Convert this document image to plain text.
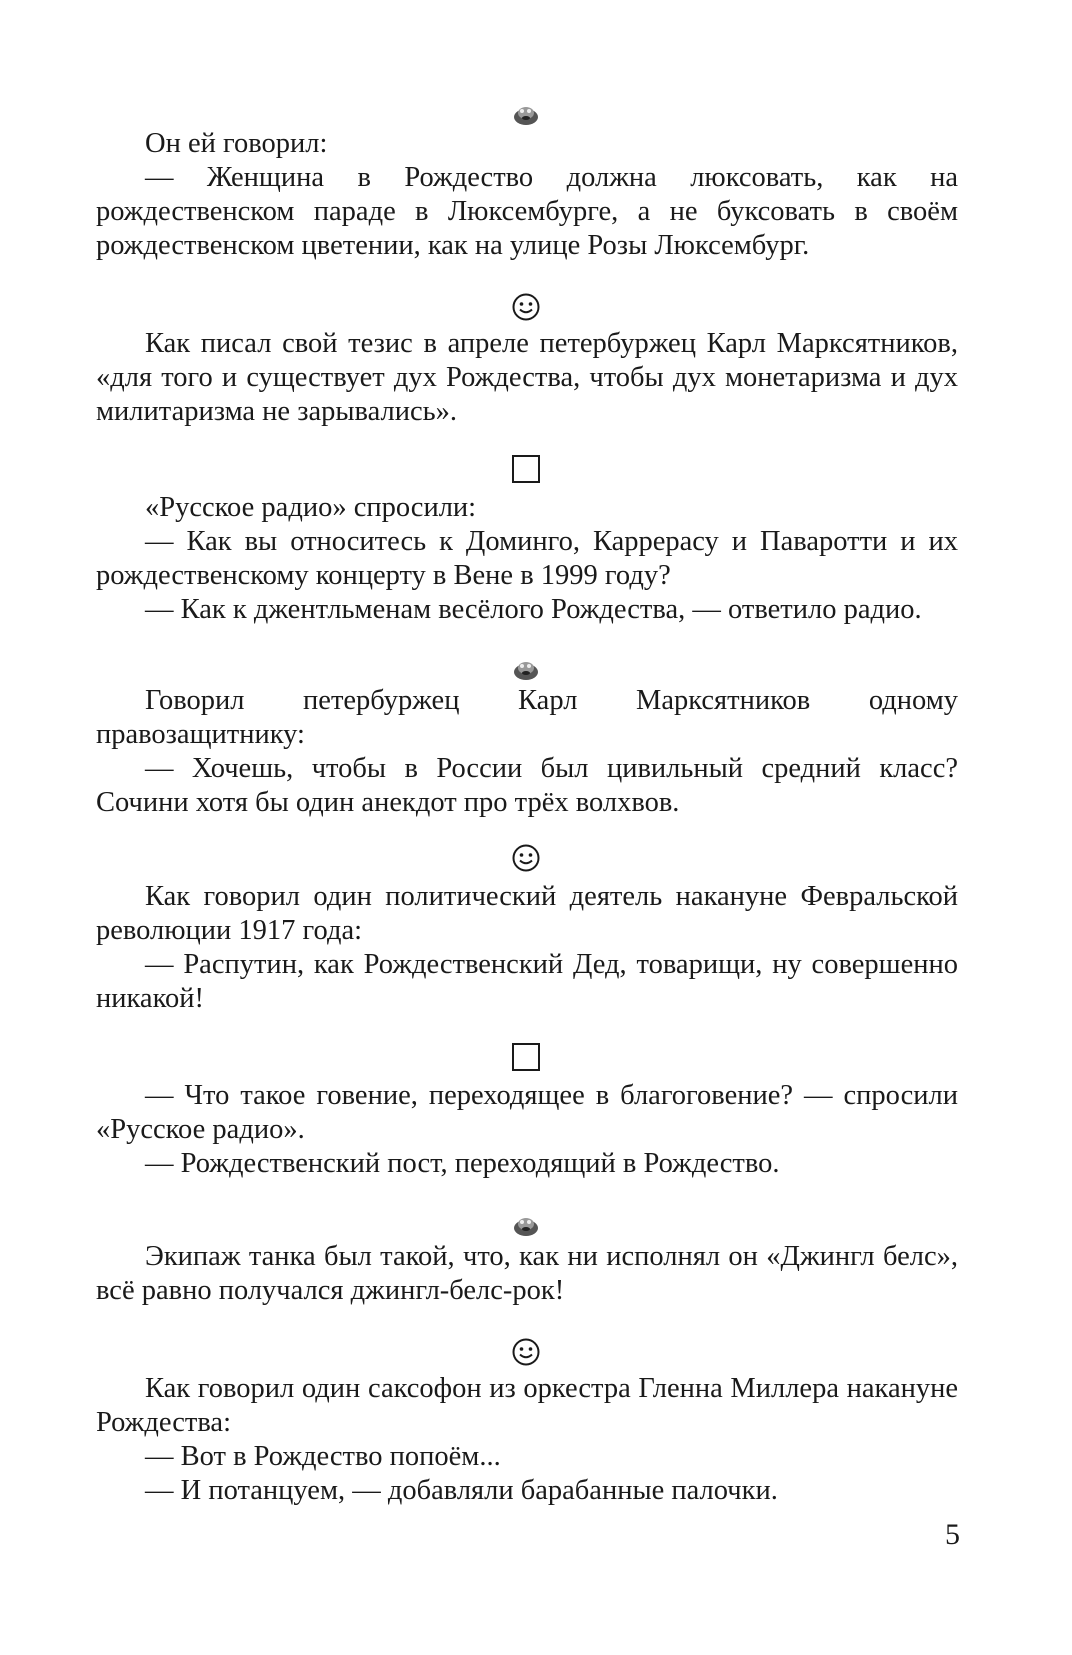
Он ей говорил:

— Женщина в Рождество должна люксовать, как на рождественском параде в Люксембурге, а не буксовать в своём рождественском цветении, как на улице Розы Люксембург.

Как писал свой тезис в апреле петербуржец Карл Марксятников, «для того и существует дух Рождества, чтобы дух монетаризма и дух милитаризма не зарывались».

«Русское радио» спросили:

— Как вы относитесь к Доминго, Каррерасу и Паваротти и их рождественскому концерту в Вене в 1999 году?

— Как к джентльменам весёлого Рождества, — ответило радио.

Говорил петербуржец Карл Марксятников одному правозащитнику:

— Хочешь, чтобы в России был цивильный средний класс? Сочини хотя бы один анекдот про трёх волхвов.

Как говорил один политический деятель накануне Февральской революции 1917 года:

— Распутин, как Рождественский Дед, товарищи, ну совершенно никакой!

— Что такое говение, переходящее в благоговение? — спросили «Русское радио».

— Рождественский пост, переходящий в Рождество.

Экипаж танка был такой, что, как ни исполнял он «Джингл белс», всё равно получался джингл-белс-рок!

Как говорил один саксофон из оркестра Гленна Миллера накануне Рождества:

— Вот в Рождество попоём...

— И потанцуем, — добавляли барабанные палочки.

5
